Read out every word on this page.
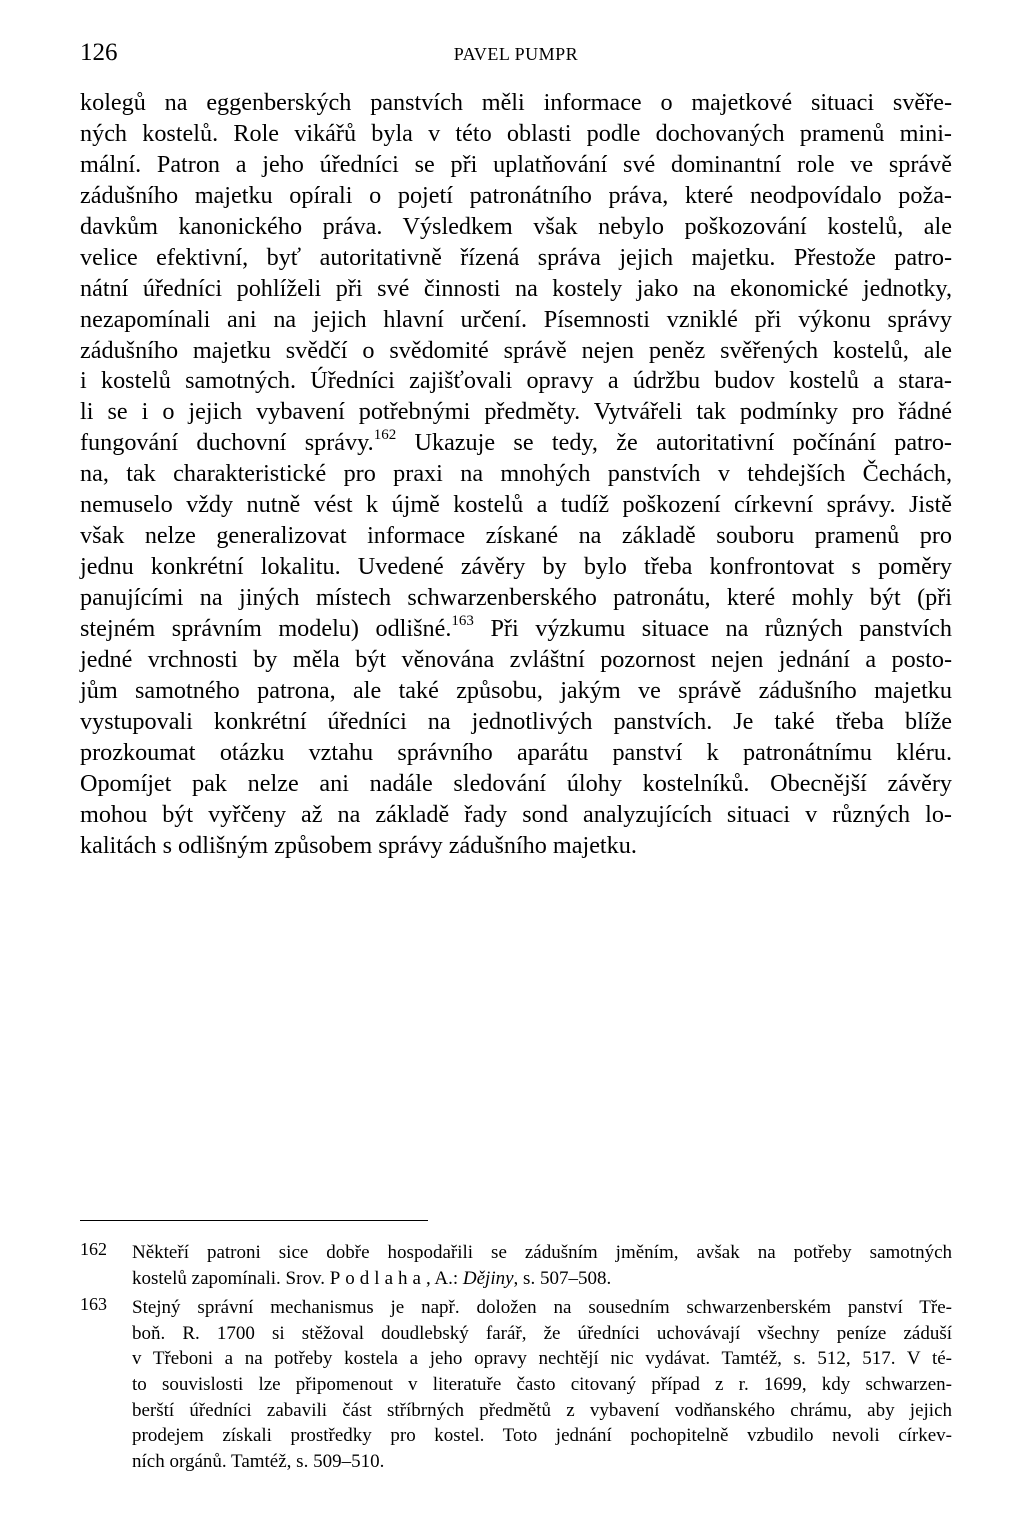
126	PAVEL PUMPR
kolegů na eggenberských panstvích měli informace o majetkové situaci svěře-
ných kostelů. Role vikářů byla v této oblasti podle dochovaných pramenů mini-
mální. Patron a jeho úředníci se při uplatňování své dominantní role ve správě
zádušního majetku opírali o pojetí patronátního práva, které neodpovídalo poža-
davkům kanonického práva. Výsledkem však nebylo poškozování kostelů, ale
velice efektivní, byť autoritativně řízená správa jejich majetku. Přestože patro-
nátní úředníci pohlíželi při své činnosti na kostely jako na ekonomické jednotky,
nezapomínali ani na jejich hlavní určení. Písemnosti vzniklé při výkonu správy
zádušního majetku svědčí o svědomité správě nejen peněz svěřených kostelů, ale
i kostelů samotných. Úředníci zajišťovali opravy a údržbu budov kostelů a stara-
li se i o jejich vybavení potřebnými předměty. Vytvářeli tak podmínky pro řádné
fungování duchovní správy.$^{162}$ Ukazuje se tedy, že autoritativní počínání patro-
na, tak charakteristické pro praxi na mnohých panstvích v tehdejších Čechách,
nemuselo vždy nutně vést k újmě kostelů a tudíž poškození církevní správy. Jistě
však nelze generalizovat informace získané na základě souboru pramenů pro
jednu konkrétní lokalitu. Uvedené závěry by bylo třeba konfrontovat s poměry
panujícími na jiných místech schwarzenberského patronátu, které mohly být (při
stejném správním modelu) odlišné.$^{163}$ Při výzkumu situace na různých panstvích
jedné vrchnosti by měla být věnována zvláštní pozornost nejen jednání a posto-
jům samotného patrona, ale také způsobu, jakým ve správě zádušního majetku
vystupovali konkrétní úředníci na jednotlivých panstvích. Je také třeba blíže
prozkoumat otázku vztahu správního aparátu panství k patronátnímu kléru.
Opomíjet pak nelze ani nadále sledování úlohy kostelníků. Obecnější závěry
mohou být vyřčeny až na základě řady sond analyzujících situaci v různých lo-
kalitách s odlišným způsobem správy zádušního majetku.
162 Někteří patroni sice dobře hospodařili se zádušním jměním, avšak na potřeby samotných
kostelů zapomínali. Srov. Podlaha, A.: Dějiny, s. 507–508.
163 Stejný správní mechanismus je např. doložen na sousedním schwarzenberském panství Tře-
boň. R. 1700 si stěžoval doudlebský farář, že úředníci uchovávají všechny peníze záduší
v Třeboni a na potřeby kostela a jeho opravy nechtějí nic vydávat. Tamtéž, s. 512, 517. V té-
to souvislosti lze připomenout v literatuře často citovaný případ z r. 1699, kdy schwarzen-
berští úředníci zabavili část stříbrných předmětů z vybavení vodňanského chrámu, aby jejich
prodejem získali prostředky pro kostel. Toto jednání pochopitelně vzbudilo nevoli církev-
ních orgánů. Tamtéž, s. 509–510.
